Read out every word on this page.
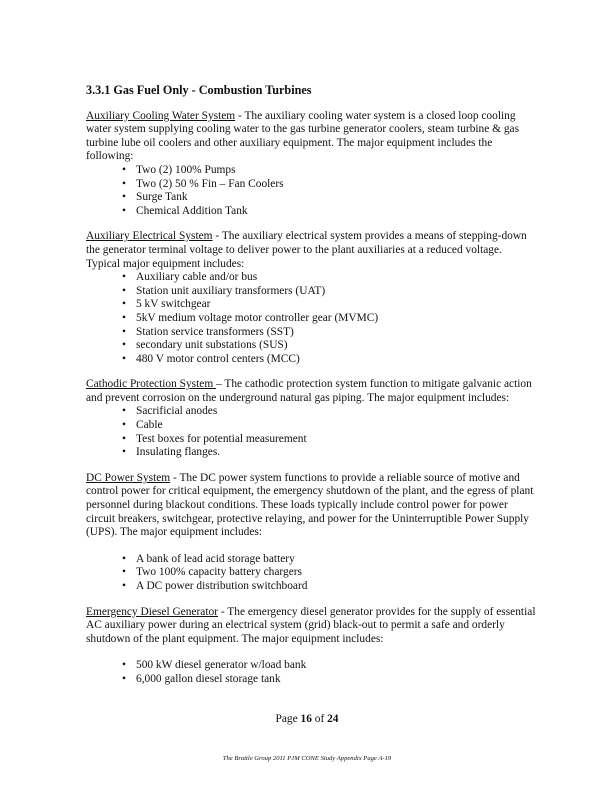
3.3.1 Gas Fuel Only - Combustion Turbines

Auxiliary Cooling Water System - The auxiliary cooling water system is a closed loop cooling water system supplying cooling water to the gas turbine generator coolers, steam turbine & gas turbine lube oil coolers and other auxiliary equipment. The major equipment includes the following:

• Two (2) 100% Pumps
• Two (2) 50 % Fin – Fan Coolers
• Surge Tank
• Chemical Addition Tank

Auxiliary Electrical System - The auxiliary electrical system provides a means of stepping-down the generator terminal voltage to deliver power to the plant auxiliaries at a reduced voltage. Typical major equipment includes:

• Auxiliary cable and/or bus
• Station unit auxiliary transformers (UAT)
• 5 kV switchgear
• 5kV medium voltage motor controller gear (MVMC)
• Station service transformers (SST)
• secondary unit substations (SUS)
• 480 V motor control centers (MCC)

Cathodic Protection System – The cathodic protection system function to mitigate galvanic action and prevent corrosion on the underground natural gas piping. The major equipment includes:

• Sacrificial anodes
• Cable
• Test boxes for potential measurement
• Insulating flanges.

DC Power System - The DC power system functions to provide a reliable source of motive and control power for critical equipment, the emergency shutdown of the plant, and the egress of plant personnel during blackout conditions. These loads typically include control power for power circuit breakers, switchgear, protective relaying, and power for the Uninterruptible Power Supply (UPS). The major equipment includes:

• A bank of lead acid storage battery
• Two 100% capacity battery chargers
• A DC power distribution switchboard

Emergency Diesel Generator - The emergency diesel generator provides for the supply of essential AC auxiliary power during an electrical system (grid) black-out to permit a safe and orderly shutdown of the plant equipment. The major equipment includes:

• 500 kW diesel generator w/load bank
• 6,000 gallon diesel storage tank
Page 16 of 24
The Brattle Group 2011 PJM CONE Study Appendix Page A-19
